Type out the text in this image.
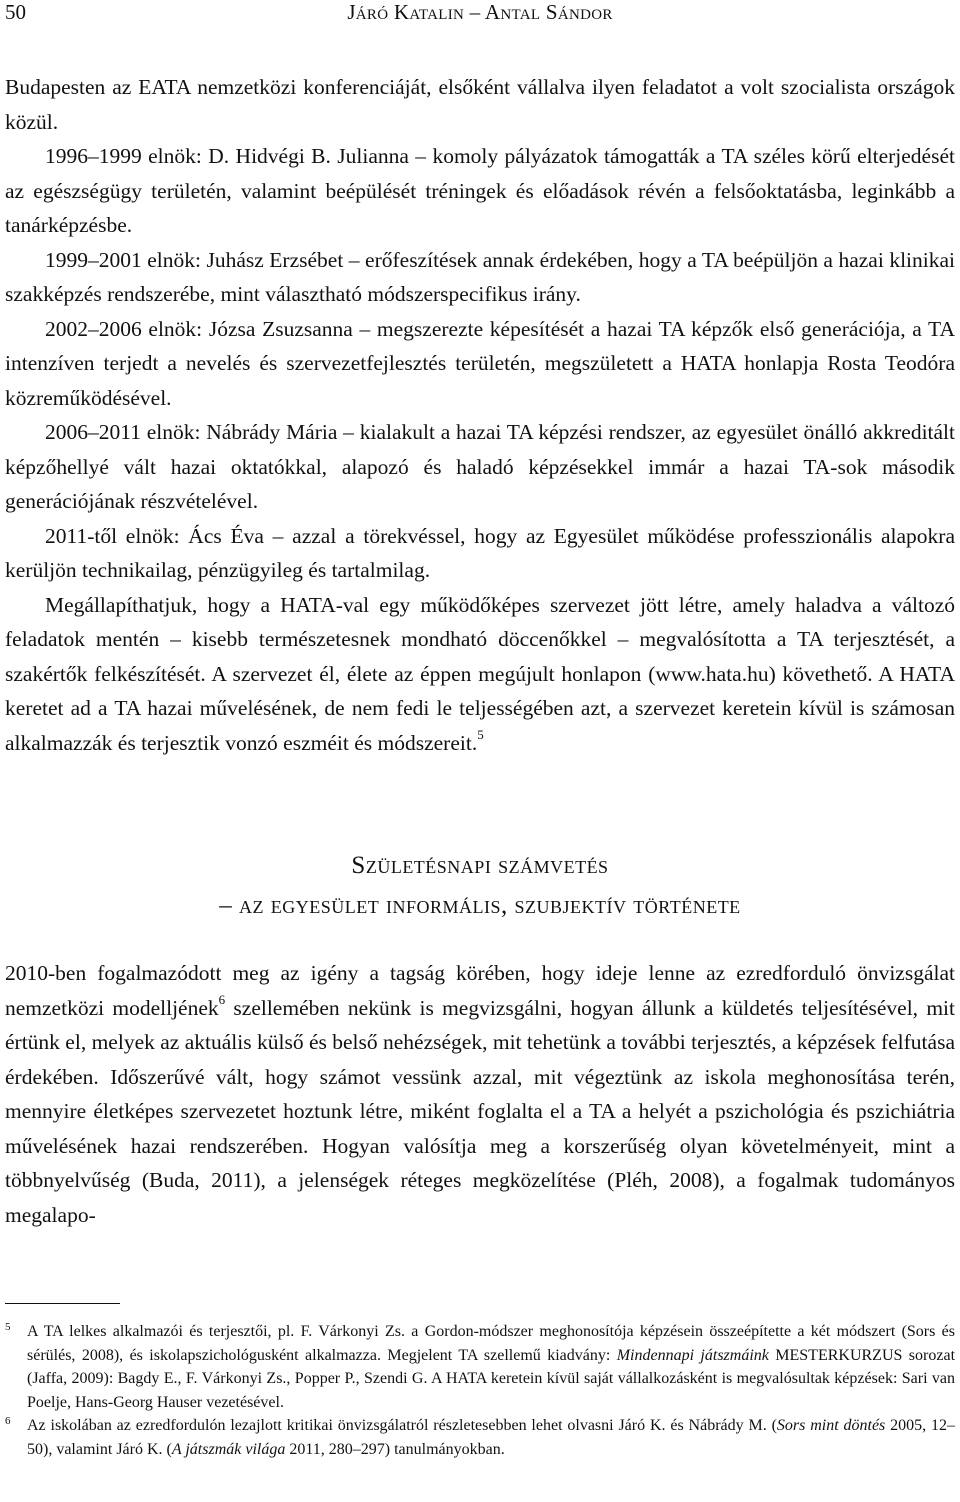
50	Járó Katalin – Antal Sándor

Budapesten az EATA nemzetközi konferenciáját, elsőként vállalva ilyen feladatot a volt szocialista országok közül.

1996–1999 elnök: D. Hidvégi B. Julianna – komoly pályázatok támogatták a TA széles körű elterjedését az egészségügy területén, valamint beépülését tréningek és előadások révén a felsőoktatásba, leginkább a tanárképzésbe.

1999–2001 elnök: Juhász Erzsébet – erőfeszítések annak érdekében, hogy a TA beépüljön a hazai klinikai szakképzés rendszerébe, mint választható módszerspecifikus irány.

2002–2006 elnök: Józsa Zsuzsanna – megszerezte képesítését a hazai TA képzők első generációja, a TA intenzíven terjedt a nevelés és szervezetfejlesztés területén, megszületett a HATA honlapja Rosta Teodóra közreműködésével.

2006–2011 elnök: Nábrády Mária – kialakult a hazai TA képzési rendszer, az egyesület önálló akkreditált képzőhellyé vált hazai oktatókkal, alapozó és haladó képzésekkel immár a hazai TA-sok második generációjának részvételével.

2011-től elnök: Ács Éva – azzal a törekvéssel, hogy az Egyesület működése professzionális alapokra kerüljön technikailag, pénzügyileg és tartalmilag.

Megállapíthatjuk, hogy a HATA-val egy működőképes szervezet jött létre, amely haladva a változó feladatok mentén – kisebb természetesnek mondható döccenőkkel – megvalósította a TA terjesztését, a szakértők felkészítését. A szervezet él, élete az éppen megújult honlapon (www.hata.hu) követhető. A HATA keretet ad a TA hazai művelésének, de nem fedi le teljességében azt, a szervezet keretein kívül is számosan alkalmazzák és terjesztik vonzó eszméit és módszereit.$^5$

Születésnapi számvetés
– az egyesület informális, szubjektív története

2010-ben fogalmazódott meg az igény a tagság körében, hogy ideje lenne az ezredforduló önvizsgálat nemzetközi modelljének$^6$ szellemében nekünk is megvizsgálni, hogyan állunk a küldetés teljesítésével, mit értünk el, melyek az aktuális külső és belső nehézségek, mit tehetünk a további terjesztés, a képzések felfutása érdekében. Időszerűvé vált, hogy számot vessünk azzal, mit végeztünk az iskola meghonosítása terén, mennyire életképes szervezetet hoztunk létre, miként foglalta el a TA a helyét a pszichológia és pszichiátria művelésének hazai rendszerében. Hogyan valósítja meg a korszerűség olyan követelményeit, mint a többnyelvűség (Buda, 2011), a jelenségek réteges megközelítése (Pléh, 2008), a fogalmak tudományos megalapo-

5 A TA lelkes alkalmazói és terjesztői, pl. F. Várkonyi Zs. a Gordon-módszer meghonosítója képzésein összeépítette a két módszert (Sors és sérülés, 2008), és iskolapszichológusként alkalmazza. Megjelent TA szellemű kiadvány: Mindennapi játszmáink MESTERKURZUS sorozat (Jaffa, 2009): Bagdy E., F. Várkonyi Zs., Popper P., Szendi G. A HATA keretein kívül saját vállalkozásként is megvalósultak képzések: Sari van Poelje, Hans-Georg Hauser vezetésével.

6 Az iskolában az ezredfordulón lezajlott kritikai önvizsgálatról részletesebben lehet olvasni Járó K. és Nábrády M. (Sors mint döntés 2005, 12–50), valamint Járó K. (A játszmák világa 2011, 280–297) tanulmányokban.
